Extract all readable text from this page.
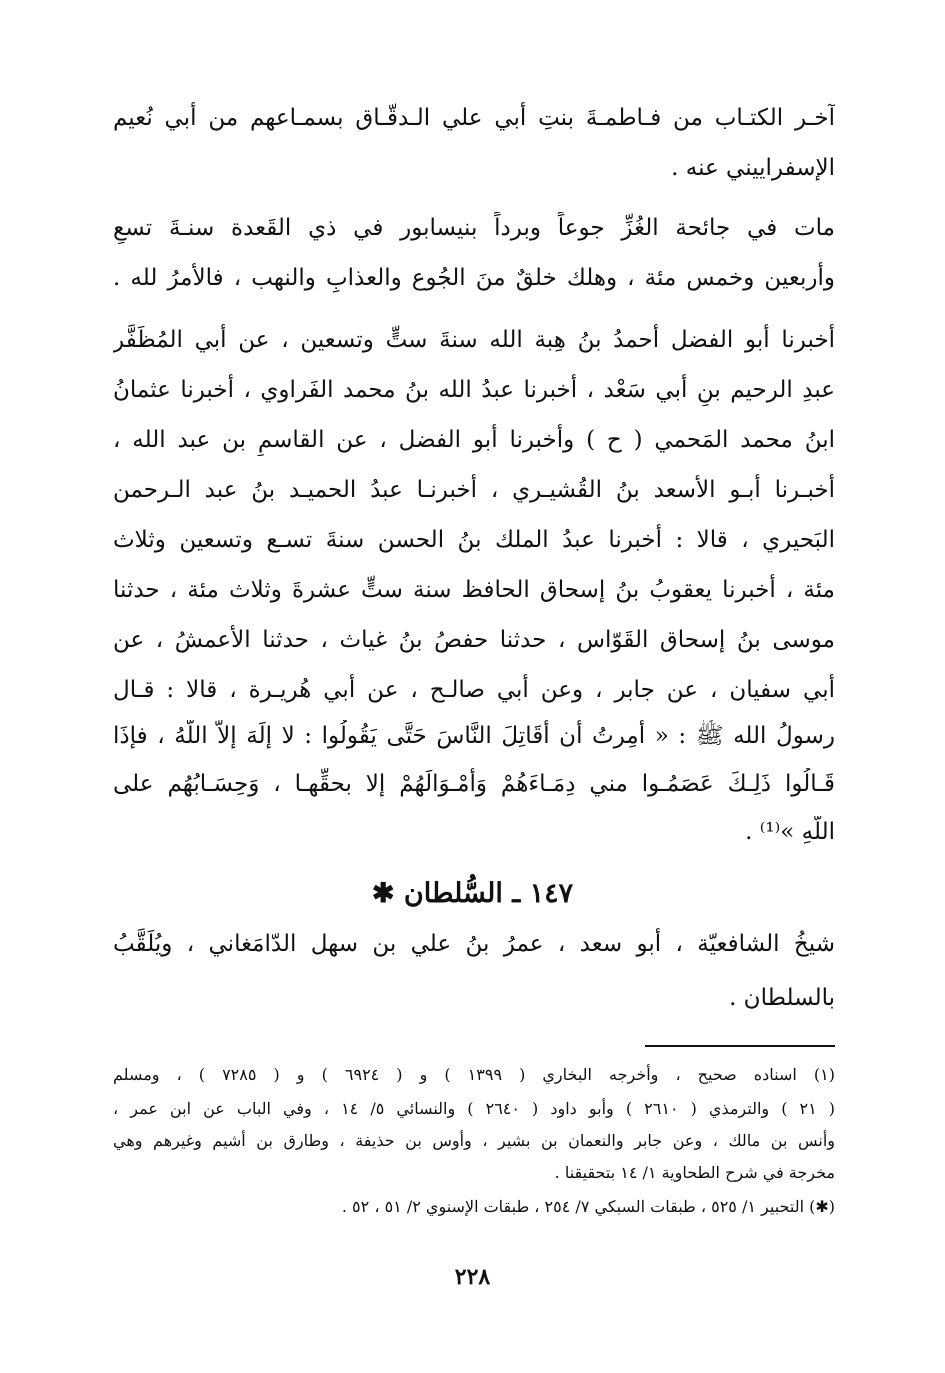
آخـر الكتـاب من فـاطمـةَ بنتِ أبي علي الـدقّـاق بسمـاعهم من أبي نُعيم
الإسفراييني عنه .
مات في جائحة الغُزِّ جوعاً وبرداً بنيسابور في ذي القَعدة سنـةَ تسعٍ
وأربعين وخمس مئة ، وهلك خلقٌ منَ الجُوع والعذابِ والنهب ، فالأمرُ لله .
أخبرنا أبو الفضل أحمدُ بنُ هِبة الله سنةَ ستٍّ وتسعين ، عن أبي المُظَفَّر
عبدِ الرحيم بنِ أبي سَعْد ، أخبرنا عبدُ الله بنُ محمد الفَراوي ، أخبرنا عثمانُ
ابنُ محمد المَحمي ( ح ) وأخبرنا أبو الفضل ، عن القاسمِ بن عبد الله ،
أخبـرنا أبـو الأسعد بنُ القُشيـري ، أخبرنـا عبدُ الحميـد بنُ عبد الـرحمن
البَحيري ، قالا : أخبرنا عبدُ الملك بنُ الحسن سنةَ تسـع وتسعين وثلاث
مئة ، أخبرنا يعقوبُ بنُ إسحاق الحافظ سنة ستٍّ عشرةَ وثلاث مئة ، حدثنا
موسى بنُ إسحاق القَوّاس ، حدثنا حفصُ بنُ غياث ، حدثنا الأعمشُ ، عن
أبي سفيان ، عن جابر ، وعن أبي صالـح ، عن أبي هُريـرة ، قالا : قـال
رسولُ الله ﷺ : « أُمِرتُ أن أُقَاتِلَ النَّاسَ حَتَّى يَقُولُوا : لا إلَهَ إلاَّ اللَّهُ ، فإذَا
قَـالُوا ذَلِـكَ عَصَمُـوا مني دِمَـاءَهُمْ وَأَمْـوَالَهُمْ إلا بحقِّهـا ، وَحِسَـابُهُم على
اللَّهِ »⁽¹⁾ .
١٤٧ ـ السُّلطان ✱
شيخُ الشافعيّة ، أبو سعد ، عمرُ بنُ علي بن سهل الدّامَغاني ، ويُلَقَّبُ
بالسلطان .
(١) اسناده صحيح ، وأخرجه البخاري ( ١٣٩٩ ) و ( ٦٩٢٤ ) و ( ٧٢٨٥ ) ، ومسلم
( ٢١ ) والترمذي ( ٢٦١٠ ) وأبو داود ( ٢٦٤٠ ) والنسائي ٥/ ١٤ ، وفي الباب عن ابن عمر ،
وأنس بن مالك ، وعن جابر والنعمان بن بشير ، وأوس بن حذيفة ، وطارق بن أشيم وغيرهم وهي
مخرجة في شرح الطحاوية ١/ ١٤ بتحقيقنا .
(✱) التحبير ١/ ٥٢٥ ، طبقات السبكي ٧/ ٢٥٤ ، طبقات الإسنوي ٢/ ٥١ ، ٥٢ .
٢٢٨
